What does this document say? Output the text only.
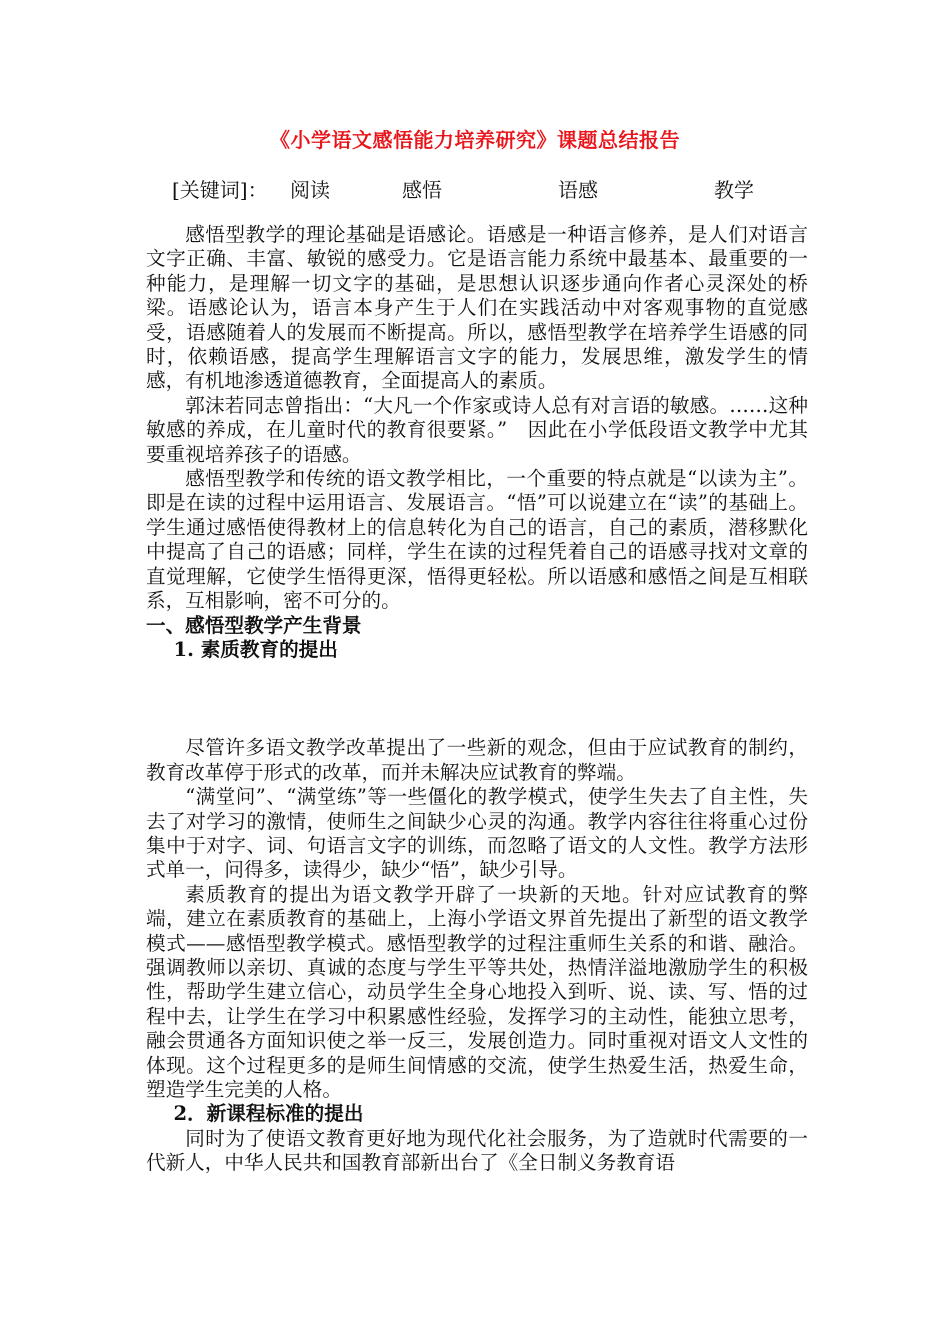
《小学语文感悟能力培养研究》课题总结报告
[关键词]： 阅读	感悟	语感	教学

感悟型教学的理论基础是语感论。语感是一种语言修养，是人们对语言文字正确、丰富、敏锐的感受力。它是语言能力系统中最基本、最重要的一种能力，是理解一切文字的基础，是思想认识逐步通向作者心灵深处的桥梁。语感论认为，语言本身产生于人们在实践活动中对客观事物的直觉感受，语感随着人的发展而不断提高。所以，感悟型教学在培养学生语感的同时，依赖语感，提高学生理解语言文字的能力，发展思维，激发学生的情感，有机地渗透道德教育，全面提高人的素质。

郭沫若同志曾指出：“大凡一个作家或诗人总有对言语的敏感。……这种敏感的养成，在儿童时代的教育很要紧。”　因此在小学低段语文教学中尤其要重视培养孩子的语感。

感悟型教学和传统的语文教学相比，一个重要的特点就是“以读为主”。即是在读的过程中运用语言、发展语言。“悟”可以说建立在“读”的基础上。学生通过感悟使得教材上的信息转化为自己的语言，自己的素质，潜移默化中提高了自己的语感；同样，学生在读的过程凭着自己的语感寻找对文章的直觉理解，它使学生悟得更深，悟得更轻松。所以语感和感悟之间是互相联系，互相影响，密不可分的。

一、感悟型教学产生背景

1. 素质教育的提出

尽管许多语文教学改革提出了一些新的观念，但由于应试教育的制约，教育改革停于形式的改革，而并未解决应试教育的弊端。

“满堂问”、“满堂练”等一些僵化的教学模式，使学生失去了自主性，失去了对学习的激情，使师生之间缺少心灵的沟通。教学内容往往将重心过份集中于对字、词、句语言文字的训练，而忽略了语文的人文性。教学方法形式单一，问得多，读得少，缺少“悟”，缺少引导。

素质教育的提出为语文教学开辟了一块新的天地。针对应试教育的弊端，建立在素质教育的基础上，上海小学语文界首先提出了新型的语文教学模式——感悟型教学模式。感悟型教学的过程注重师生关系的和谐、融洽。强调教师以亲切、真诚的态度与学生平等共处，热情洋溢地激励学生的积极性，帮助学生建立信心，动员学生全身心地投入到听、说、读、写、悟的过程中去，让学生在学习中积累感性经验，发挥学习的主动性，能独立思考，融会贯通各方面知识使之举一反三，发展创造力。同时重视对语文人文性的体现。这个过程更多的是师生间情感的交流，使学生热爱生活，热爱生命，塑造学生完美的人格。

2．新课程标准的提出

同时为了使语文教育更好地为现代化社会服务，为了造就时代需要的一代新人，中华人民共和国教育部新出台了《全日制义务教育语
